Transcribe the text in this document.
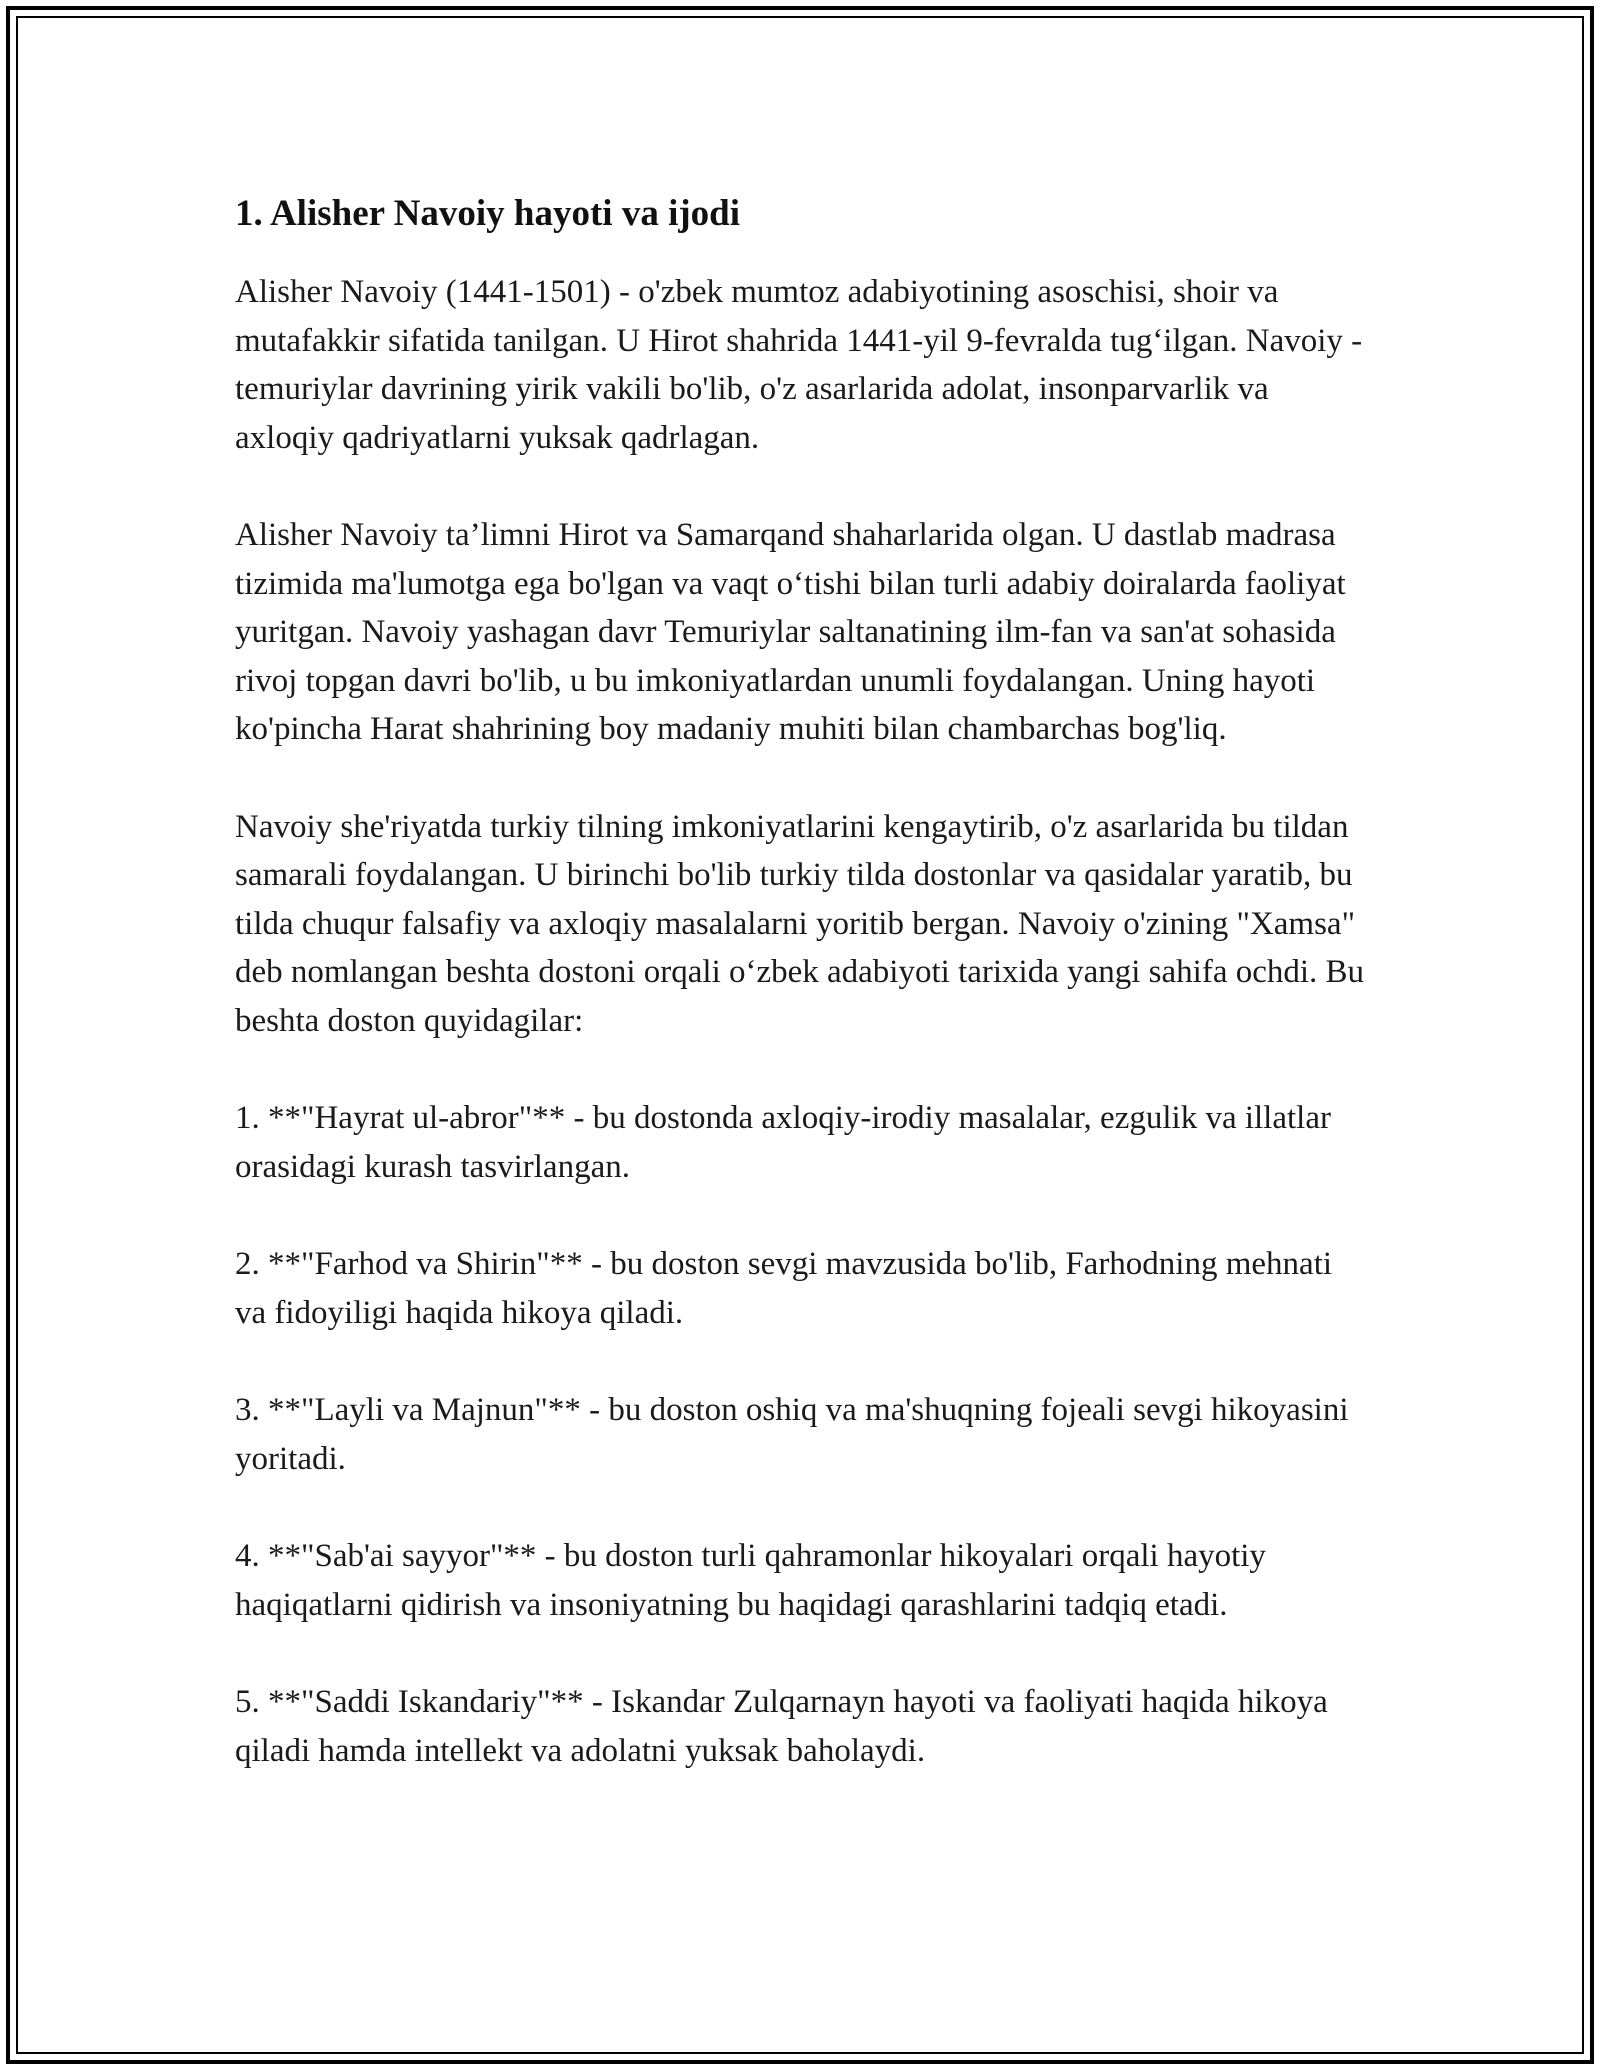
1. Alisher Navoiy hayoti va ijodi

Alisher Navoiy (1441-1501) - o'zbek mumtoz adabiyotining asoschisi, shoir va mutafakkir sifatida tanilgan. U Hirot shahrida 1441-yil 9-fevralda tug‘ilgan. Navoiy - temuriylar davrining yirik vakili bo'lib, o'z asarlarida adolat, insonparvarlik va axloqiy qadriyatlarni yuksak qadrlagan.

Alisher Navoiy ta’limni Hirot va Samarqand shaharlarida olgan. U dastlab madrasa tizimida ma'lumotga ega bo'lgan va vaqt o‘tishi bilan turli adabiy doiralarda faoliyat yuritgan. Navoiy yashagan davr Temuriylar saltanatining ilm-fan va san'at sohasida rivoj topgan davri bo'lib, u bu imkoniyatlardan unumli foydalangan. Uning hayoti ko'pincha Harat shahrining boy madaniy muhiti bilan chambarchas bog'liq.

Navoiy she'riyatda turkiy tilning imkoniyatlarini kengaytirib, o'z asarlarida bu tildan samarali foydalangan. U birinchi bo'lib turkiy tilda dostonlar va qasidalar yaratib, bu tilda chuqur falsafiy va axloqiy masalalarni yoritib bergan. Navoiy o'zining "Xamsa" deb nomlangan beshta dostoni orqali o‘zbek adabiyoti tarixida yangi sahifa ochdi. Bu beshta doston quyidagilar:

1. **"Hayrat ul-abror"** - bu dostonda axloqiy-irodiy masalalar, ezgulik va illatlar orasidagi kurash tasvirlangan.

2. **"Farhod va Shirin"** - bu doston sevgi mavzusida bo'lib, Farhodning mehnati va fidoyiligi haqida hikoya qiladi.

3. **"Layli va Majnun"** - bu doston oshiq va ma'shuqning fojeali sevgi hikoyasini yoritadi.

4. **"Sab'ai sayyor"** - bu doston turli qahramonlar hikoyalari orqali hayotiy haqiqatlarni qidirish va insoniyatning bu haqidagi qarashlarini tadqiq etadi.

5. **"Saddi Iskandariy"** - Iskandar Zulqarnayn hayoti va faoliyati haqida hikoya qiladi hamda intellekt va adolatni yuksak baholaydi.
